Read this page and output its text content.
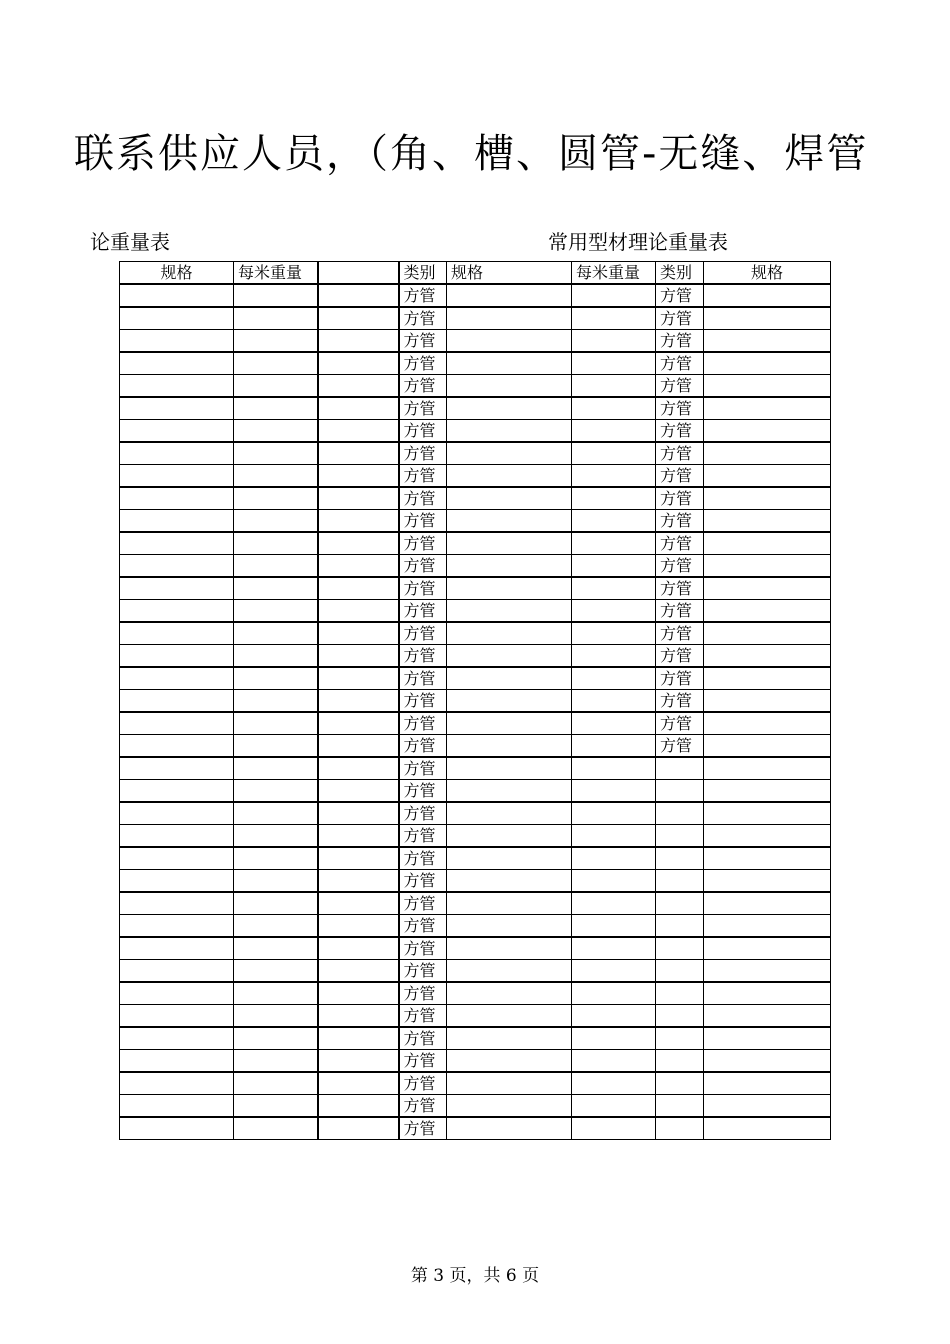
联系供应人员，（角、槽、圆管-无缝、焊管
论重量表	常用型材理论重量表
规格	每米重量		类别	规格	每米重量	类别	规格
			方管			方管	
			方管			方管	
			方管			方管	
			方管			方管	
			方管			方管	
			方管			方管	
			方管			方管	
			方管			方管	
			方管			方管	
			方管			方管	
			方管			方管	
			方管			方管	
			方管			方管	
			方管			方管	
			方管			方管	
			方管			方管	
			方管			方管	
			方管			方管	
			方管			方管	
			方管			方管	
			方管			方管	
			方管				
			方管				
			方管				
			方管				
			方管				
			方管				
			方管				
			方管				
			方管				
			方管				
			方管				
			方管				
			方管				
			方管				
			方管				
			方管				
			方管				
第 3 页，共 6 页
